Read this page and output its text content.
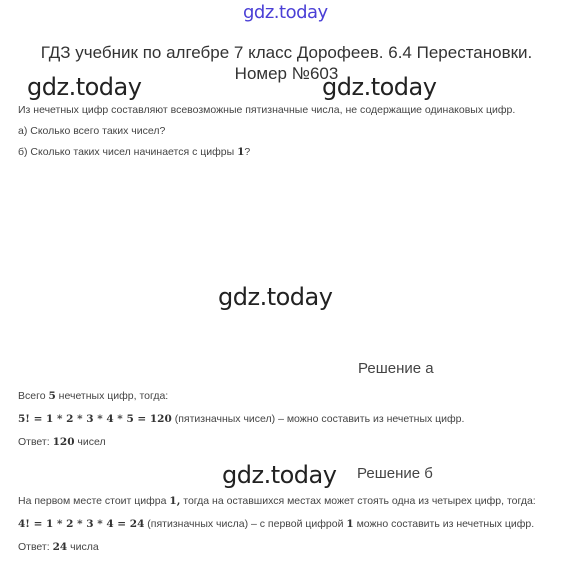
gdz.today
ГДЗ учебник по алгебре 7 класс Дорофеев. 6.4 Перестановки.
Номер №603
gdz.today	gdz.today
Из нечетных цифр составляют всевозможные пятизначные числа, не содержащие одинаковых цифр.
а) Сколько всего таких чисел?
б) Сколько таких чисел начинается с цифры 1?
gdz.today
Решение а
Всего 5 нечетных цифр, тогда:
5! = 1 * 2 * 3 * 4 * 5 = 120 (пятизначных чисел) – можно составить из нечетных цифр.
Ответ: 120 чисел
gdz.today Решение б
На первом месте стоит цифра 1, тогда на оставшихся местах может стоять одна из четырех цифр, тогда:
4! = 1 * 2 * 3 * 4 = 24 (пятизначных числа) – с первой цифрой 1 можно составить из нечетных цифр.
Ответ: 24 числа
